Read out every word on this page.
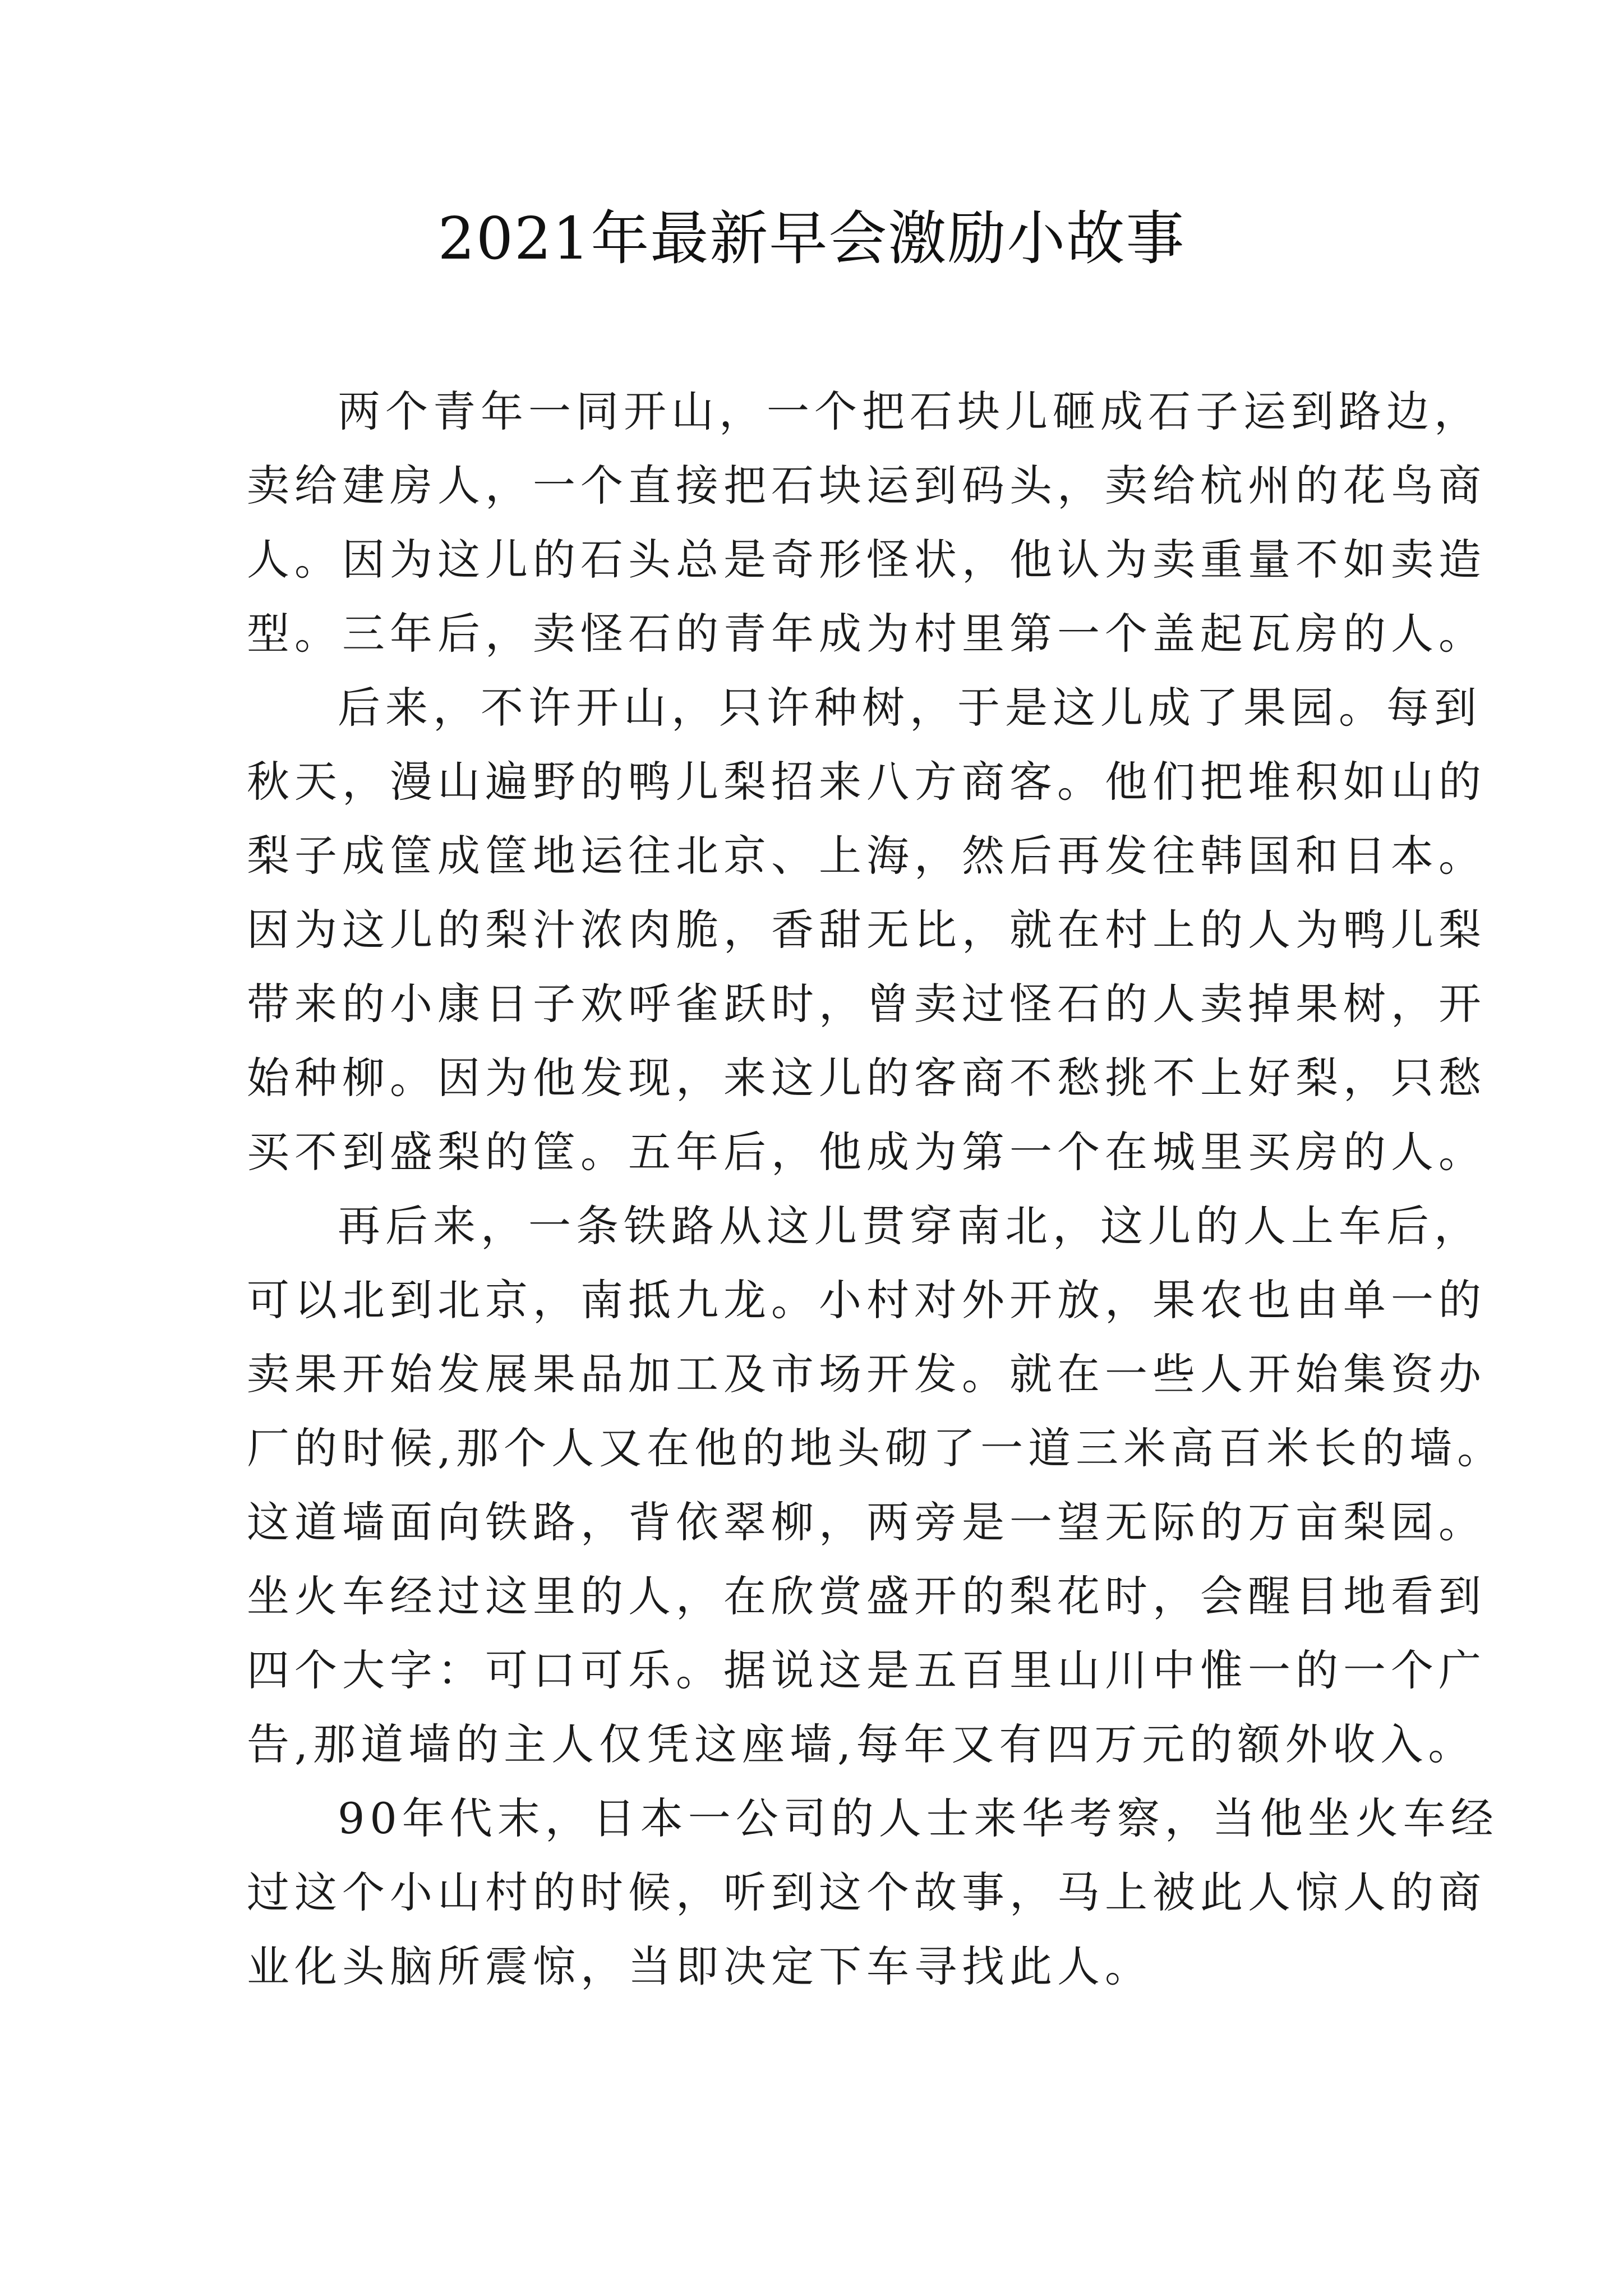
2021年最新早会激励小故事

两个青年一同开山，一个把石块儿砸成石子运到路边，
卖给建房人，一个直接把石块运到码头，卖给杭州的花鸟商
人。因为这儿的石头总是奇形怪状，他认为卖重量不如卖造
型。三年后，卖怪石的青年成为村里第一个盖起瓦房的人。

后来，不许开山，只许种树，于是这儿成了果园。每到
秋天，漫山遍野的鸭儿梨招来八方商客。他们把堆积如山的
梨子成筐成筐地运往北京、上海，然后再发往韩国和日本。
因为这儿的梨汁浓肉脆，香甜无比，就在村上的人为鸭儿梨
带来的小康日子欢呼雀跃时，曾卖过怪石的人卖掉果树，开
始种柳。因为他发现，来这儿的客商不愁挑不上好梨，只愁
买不到盛梨的筐。五年后，他成为第一个在城里买房的人。

再后来，一条铁路从这儿贯穿南北，这儿的人上车后，
可以北到北京，南抵九龙。小村对外开放，果农也由单一的
卖果开始发展果品加工及市场开发。就在一些人开始集资办
厂的时候,那个人又在他的地头砌了一道三米高百米长的墙。
这道墙面向铁路，背依翠柳，两旁是一望无际的万亩梨园。
坐火车经过这里的人，在欣赏盛开的梨花时，会醒目地看到
四个大字：可口可乐。据说这是五百里山川中惟一的一个广
告,那道墙的主人仅凭这座墙,每年又有四万元的额外收入。

90年代末，日本一公司的人士来华考察，当他坐火车经
过这个小山村的时候，听到这个故事，马上被此人惊人的商
业化头脑所震惊，当即决定下车寻找此人。
